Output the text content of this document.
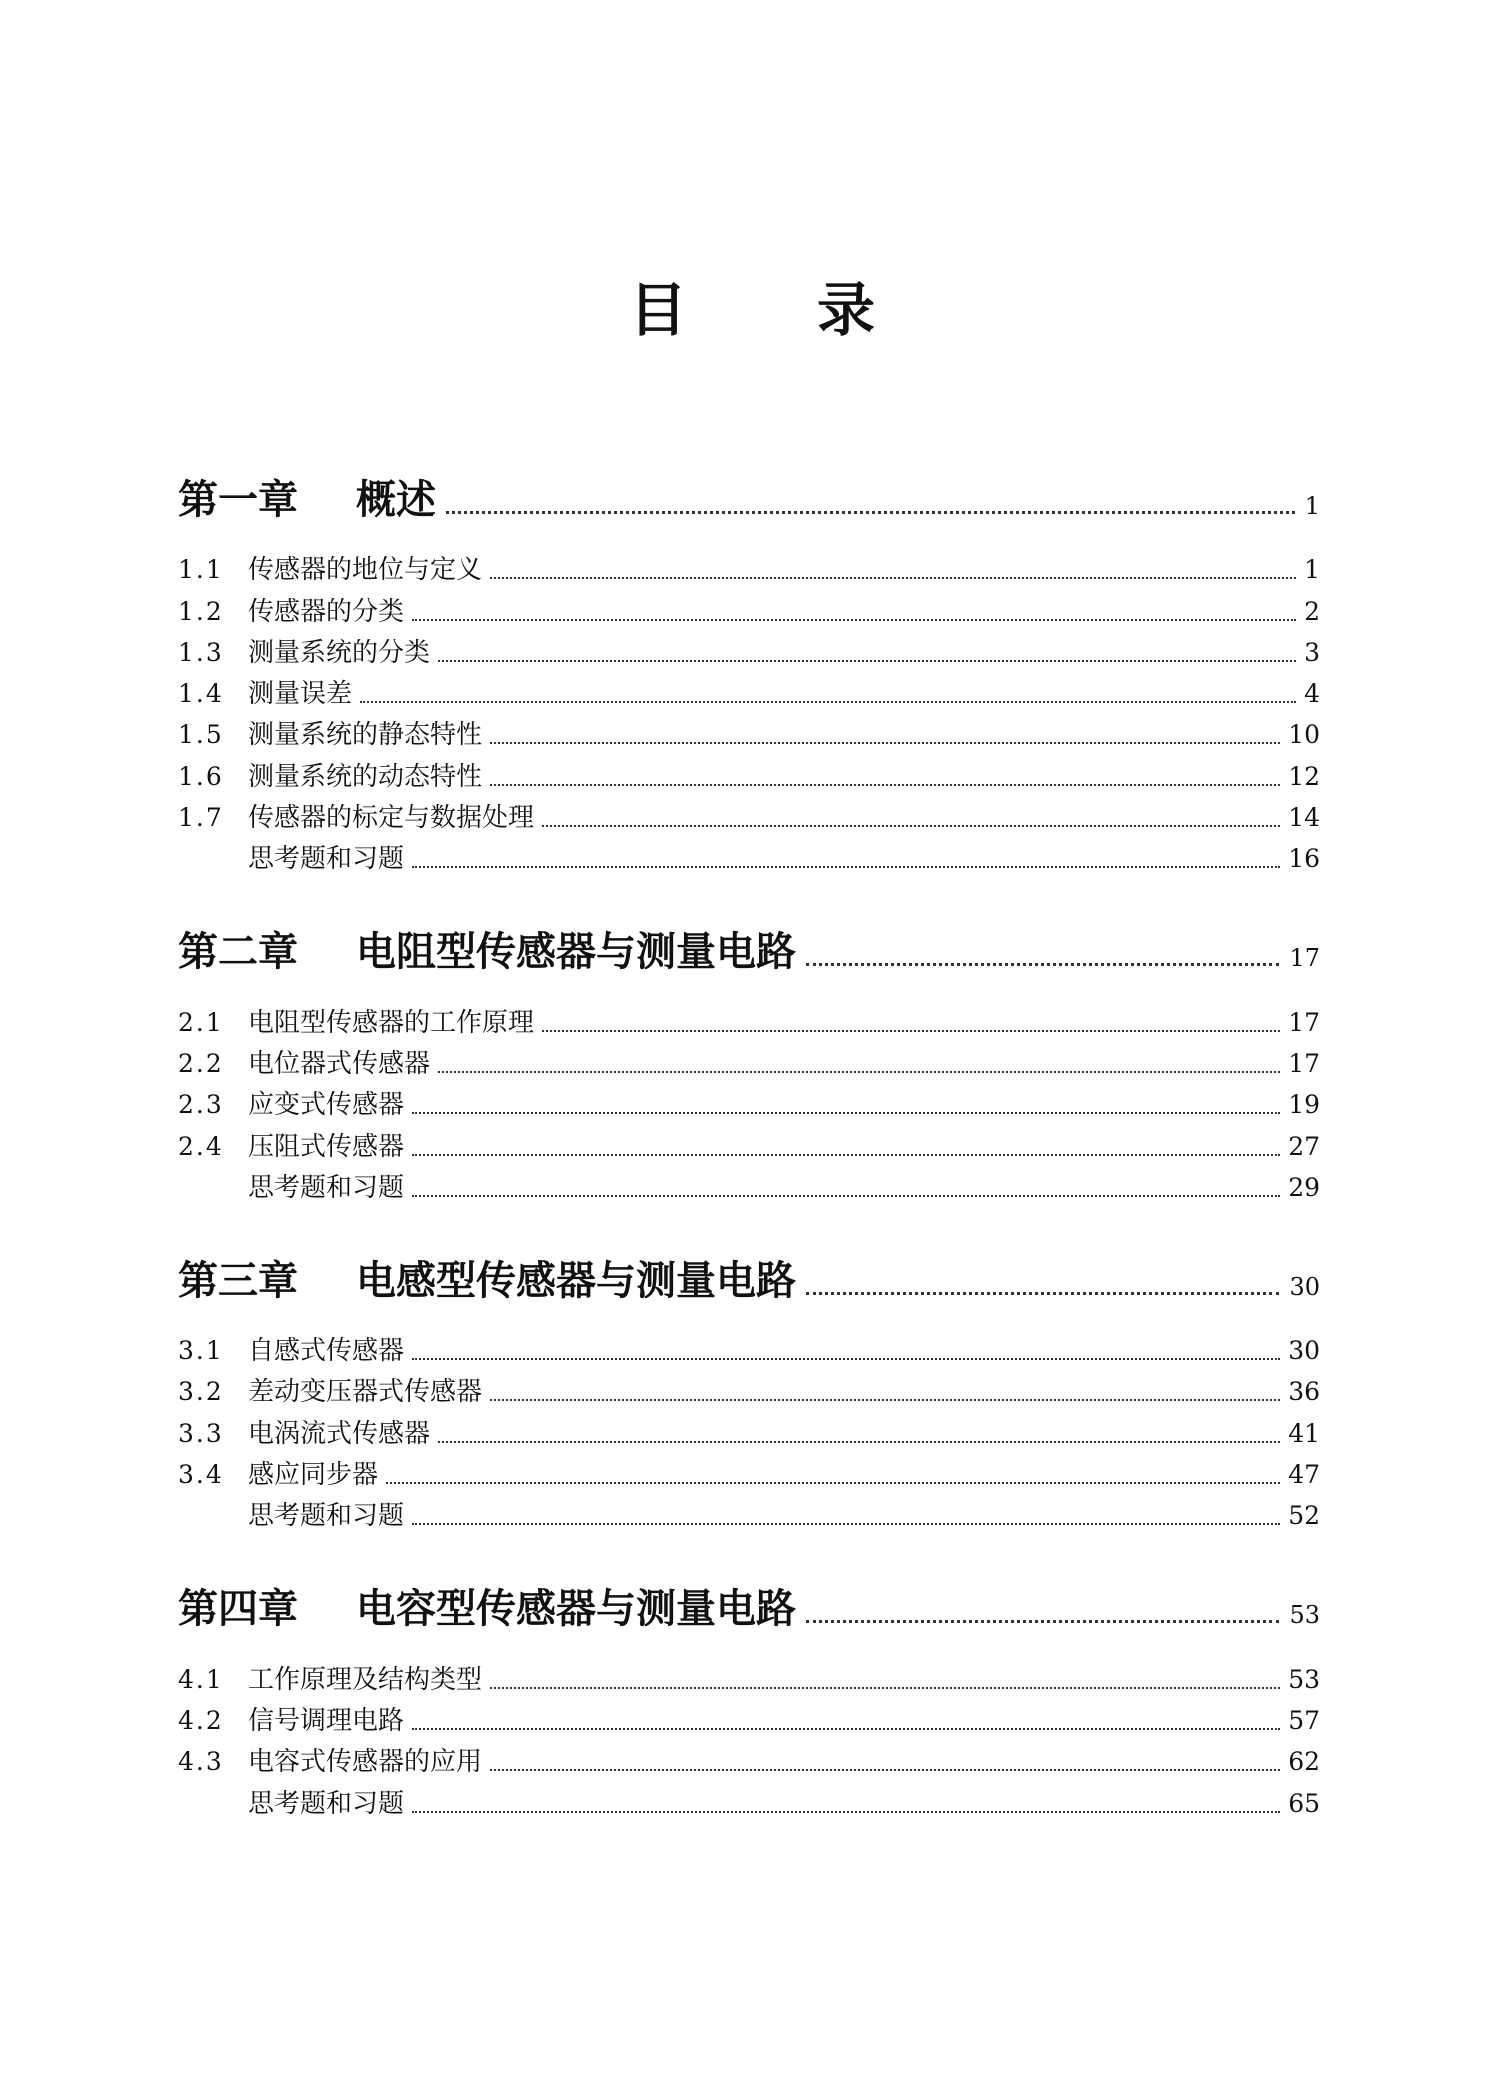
目录
第一章	概述	1
1.1 传感器的地位与定义	1
1.2 传感器的分类	2
1.3 测量系统的分类	3
1.4 测量误差	4
1.5 测量系统的静态特性	10
1.6 测量系统的动态特性	12
1.7 传感器的标定与数据处理	14
思考题和习题	16
第二章	电阻型传感器与测量电路	17
2.1 电阻型传感器的工作原理	17
2.2 电位器式传感器	17
2.3 应变式传感器	19
2.4 压阻式传感器	27
思考题和习题	29
第三章	电感型传感器与测量电路	30
3.1 自感式传感器	30
3.2 差动变压器式传感器	36
3.3 电涡流式传感器	41
3.4 感应同步器	47
思考题和习题	52
第四章	电容型传感器与测量电路	53
4.1 工作原理及结构类型	53
4.2 信号调理电路	57
4.3 电容式传感器的应用	62
思考题和习题	65
